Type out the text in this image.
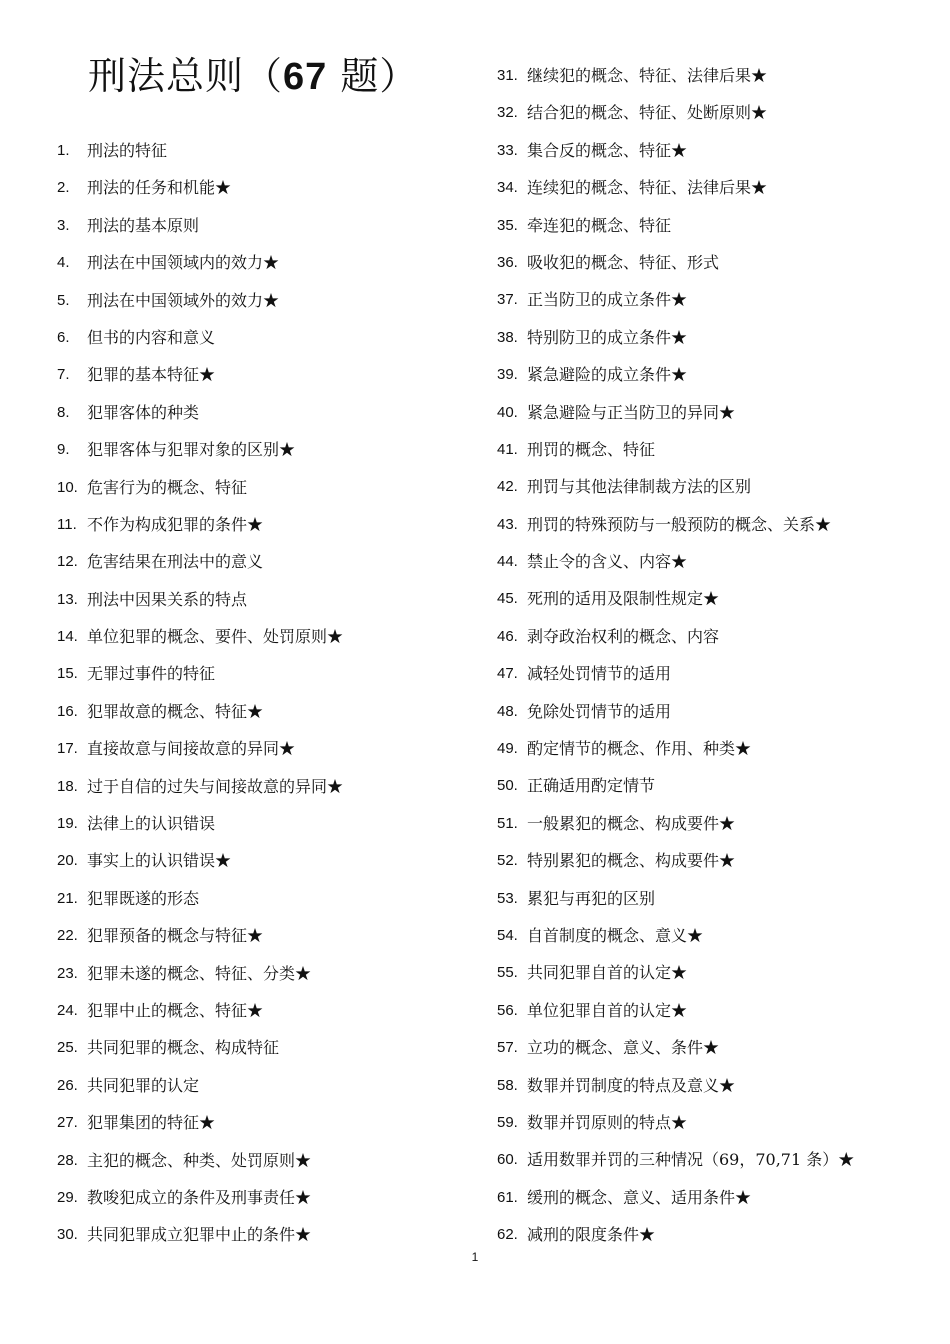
刑法总则（67 题）
1.	刑法的特征
2.	刑法的任务和机能★
3.	刑法的基本原则
4.	刑法在中国领域内的效力★
5.	刑法在中国领域外的效力★
6.	但书的内容和意义
7.	犯罪的基本特征★
8.	犯罪客体的种类
9.	犯罪客体与犯罪对象的区别★
10. 危害行为的概念、特征
11. 不作为构成犯罪的条件★
12. 危害结果在刑法中的意义
13. 刑法中因果关系的特点
14. 单位犯罪的概念、要件、处罚原则★
15. 无罪过事件的特征
16. 犯罪故意的概念、特征★
17. 直接故意与间接故意的异同★
18. 过于自信的过失与间接故意的异同★
19. 法律上的认识错误
20. 事实上的认识错误★
21. 犯罪既遂的形态
22. 犯罪预备的概念与特征★
23. 犯罪未遂的概念、特征、分类★
24. 犯罪中止的概念、特征★
25. 共同犯罪的概念、构成特征
26. 共同犯罪的认定
27. 犯罪集团的特征★
28. 主犯的概念、种类、处罚原则★
29. 教唆犯成立的条件及刑事责任★
30. 共同犯罪成立犯罪中止的条件★
31. 继续犯的概念、特征、法律后果★
32. 结合犯的概念、特征、处断原则★
33. 集合反的概念、特征★
34. 连续犯的概念、特征、法律后果★
35. 牵连犯的概念、特征
36. 吸收犯的概念、特征、形式
37. 正当防卫的成立条件★
38. 特别防卫的成立条件★
39. 紧急避险的成立条件★
40. 紧急避险与正当防卫的异同★
41. 刑罚的概念、特征
42. 刑罚与其他法律制裁方法的区别
43. 刑罚的特殊预防与一般预防的概念、关系★
44. 禁止令的含义、内容★
45. 死刑的适用及限制性规定★
46. 剥夺政治权利的概念、内容
47. 减轻处罚情节的适用
48. 免除处罚情节的适用
49. 酌定情节的概念、作用、种类★
50. 正确适用酌定情节
51. 一般累犯的概念、构成要件★
52. 特别累犯的概念、构成要件★
53. 累犯与再犯的区别
54. 自首制度的概念、意义★
55. 共同犯罪自首的认定★
56. 单位犯罪自首的认定★
57. 立功的概念、意义、条件★
58. 数罪并罚制度的特点及意义★
59. 数罪并罚原则的特点★
60. 适用数罪并罚的三种情况（69，70,71 条）★
61. 缓刑的概念、意义、适用条件★
62. 减刑的限度条件★
1
